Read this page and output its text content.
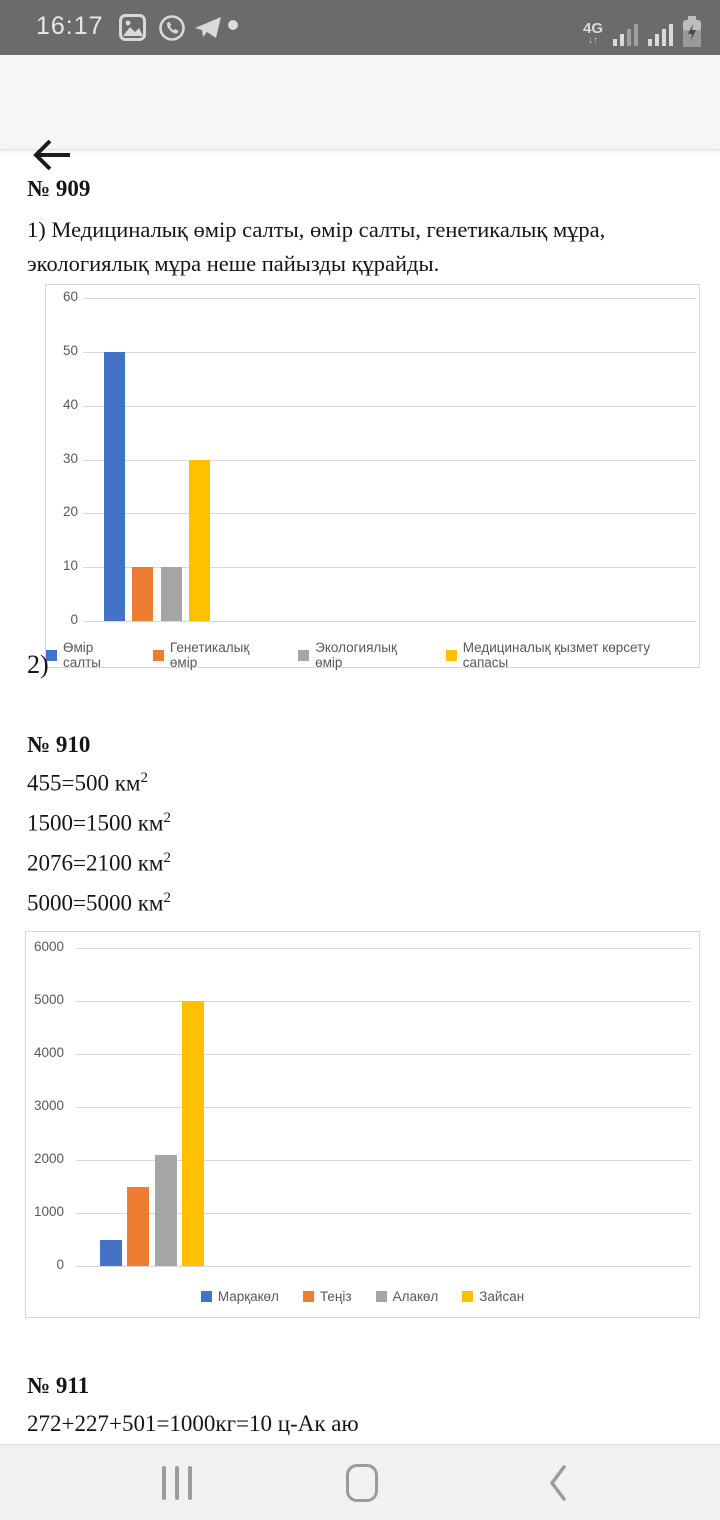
16:17	4G
↓↑
№ 909
1) Медициналық өмір салты, өмір салты, генетикалық мұра, экологиялық мұра неше пайызды құрайды.
0
10
20
30
40
50
60
Өмір салты
Генетикалық өмір
Экологиялық өмір
Медициналық қызмет көрсету сапасы
2)
№ 910
455=500 $км^2$
1500=1500 $км^2$
2076=2100 $км^2$
5000=5000 $км^2$
0
1000
2000
3000
4000
5000
6000
Марқакөл	Теңіз	Алакөл	Зайсан
№ 911
272+227+501=1000кг=10 ц-Ак аю
